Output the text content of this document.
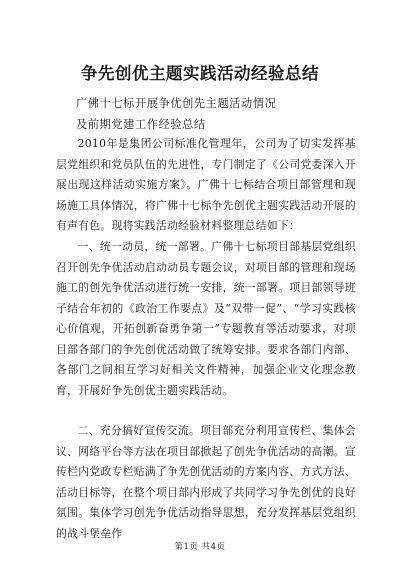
争先创优主题实践活动经验总结
广佛十七标开展争优创先主题活动情况
及前期党建工作经验总结
2010年是集团公司标准化管理年，公司为了切实发挥基层党组织和党员队伍的先进性，专门制定了《公司党委深入开展出现这样活动实施方案》。广佛十七标结合项目部管理和现场施工具体情况，将广佛十七标争先创优主题实践活动开展的有声有色。现将实践活动经验材料整理总结如下：
一、统一动员，统一部署。广佛十七标项目部基层党组织召开创先争优活动启动动员专题会议，对项目部的管理和现场施工的创先争优活动进行统一安排，统一部署。项目部领导班子结合年初的《政治工作要点》及“双带一促”、“学习实践核心价值观，开拓创新奋勇争第一”专题教育等活动要求，对项目部各部门的争先创优活动做了统筹安排。要求各部门内部、各部门之间相互学习好相关文件精神，加强企业文化理念教育，开展好争先创优主题实践活动。
二、充分搞好宣传交流。项目部充分利用宣传栏、集体会议、网络平台等方法在项目部掀起了创先争优活动的高潮。宣传栏内党政专栏贴满了争先创优活动的方案内容、方式方法、活动目标等，在整个项目部内形成了共同学习争先创优的良好氛围。集体学习创先争优活动指导思想，充分发挥基层党组织的战斗堡垒作
第1页 共4页
